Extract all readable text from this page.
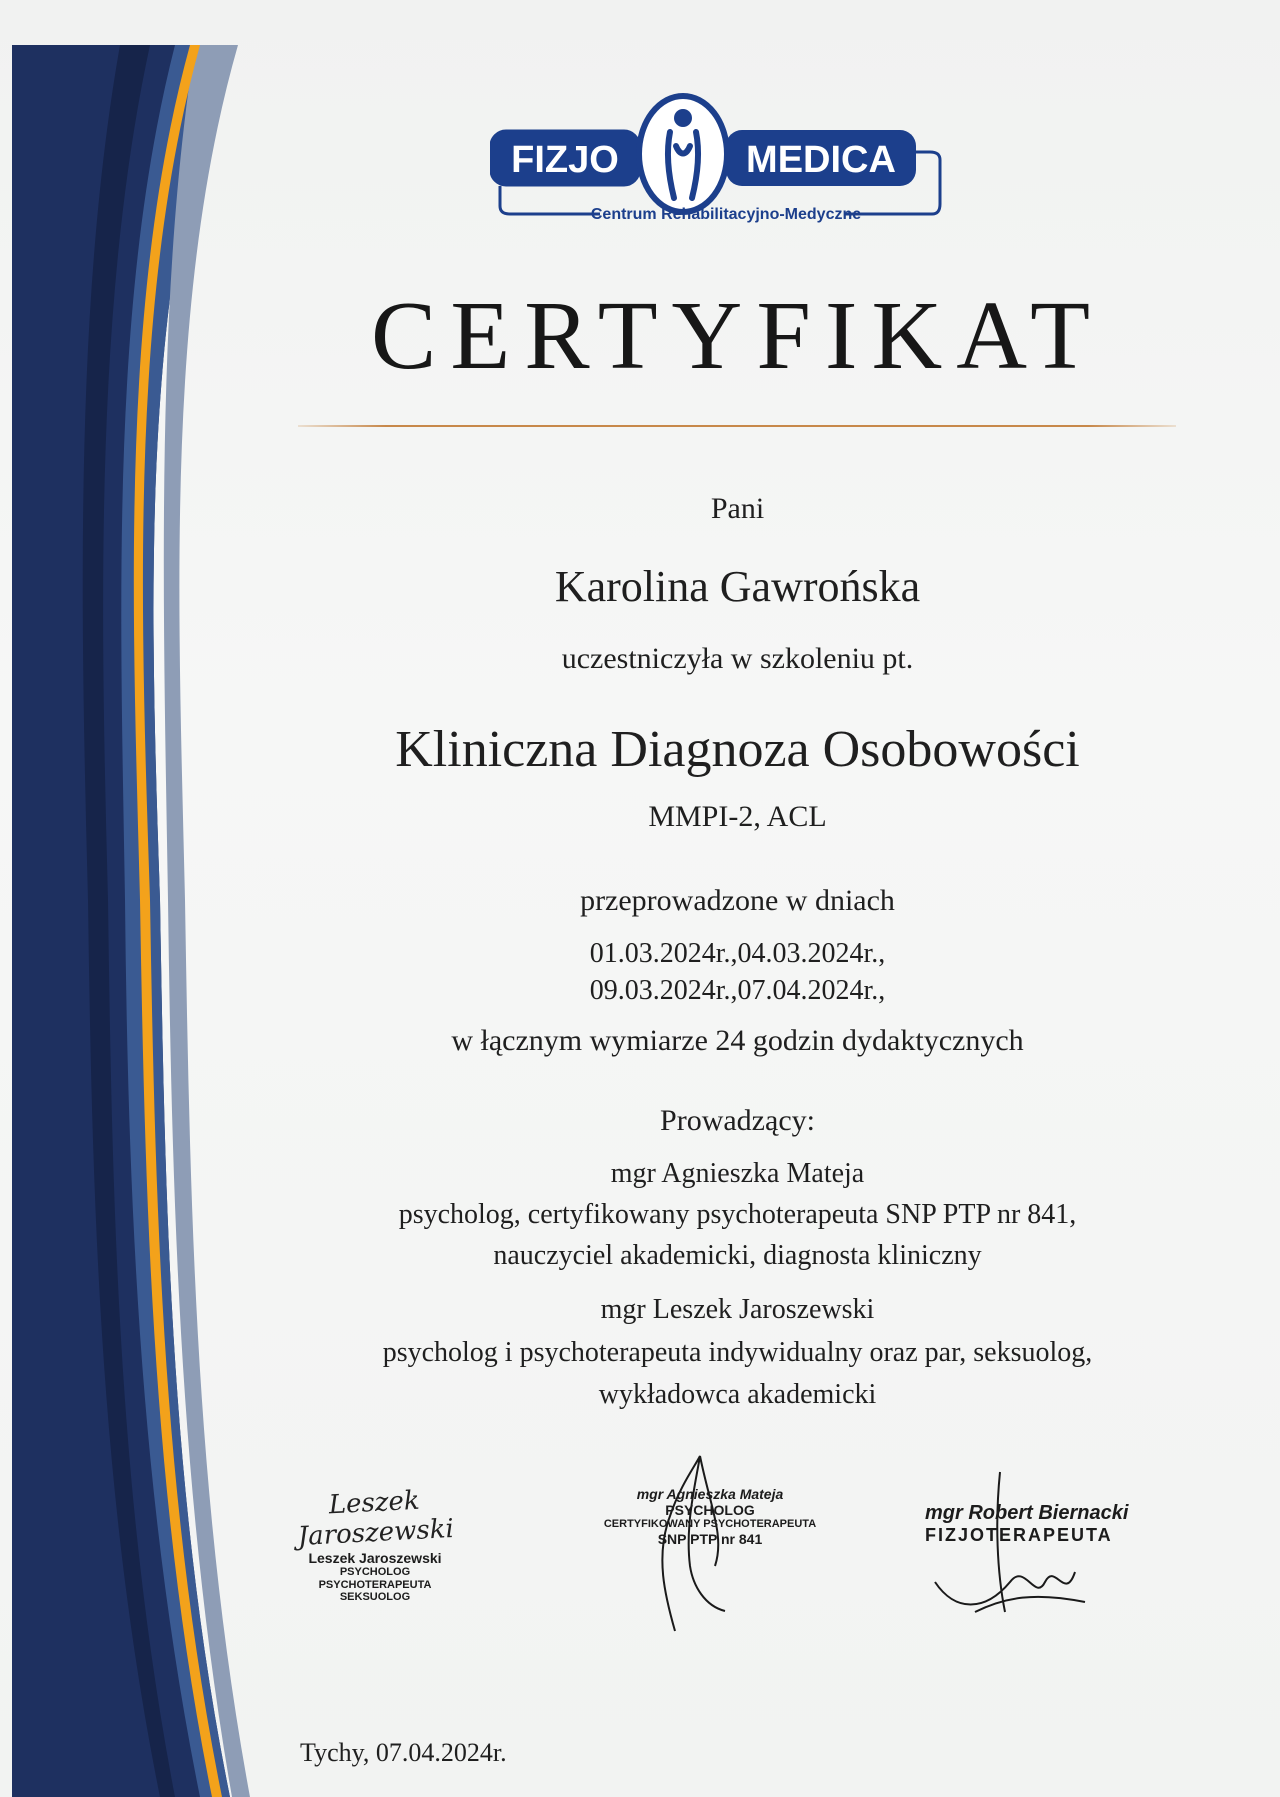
FIZJO	MEDICA
Centrum Rehabilitacyjno-Medyczne
CERTYFIKAT
Pani
Karolina Gawrońska
uczestniczyła w szkoleniu pt.
Kliniczna Diagnoza Osobowości
MMPI-2, ACL
przeprowadzone w dniach
01.03.2024r.,04.03.2024r.,
09.03.2024r.,07.04.2024r.,
w łącznym wymiarze 24 godzin dydaktycznych
Prowadzący:
mgr Agnieszka Mateja
psycholog, certyfikowany psychoterapeuta SNP PTP nr 841,
nauczyciel akademicki, diagnosta kliniczny
mgr Leszek Jaroszewski
psycholog i psychoterapeuta indywidualny oraz par, seksuolog,
wykładowca akademicki
Leszek Jaroszewski
Leszek Jaroszewski
PSYCHOLOG
PSYCHOTERAPEUTA
SEKSUOLOG
mgr Agnieszka Mateja
PSYCHOLOG
CERTYFIKOWANY PSYCHOTERAPEUTA
SNP PTP nr 841
mgr Robert Biernacki
FIZJOTERAPEUTA
Tychy, 07.04.2024r.
